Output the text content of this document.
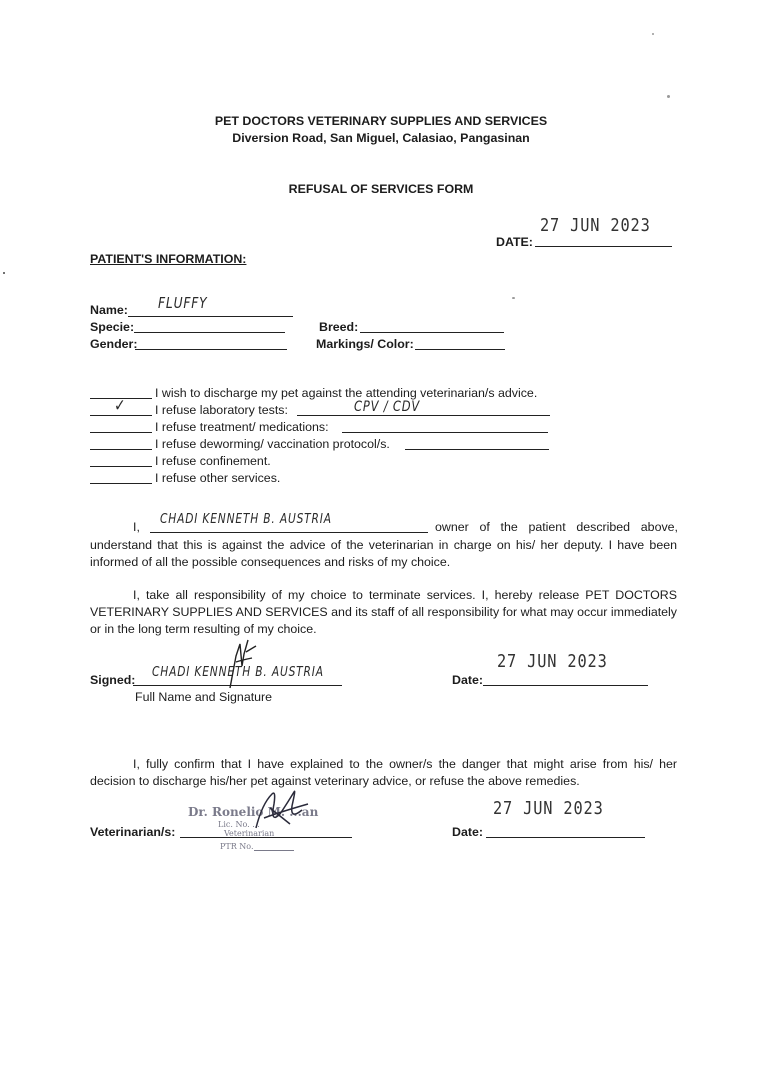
PET DOCTORS VETERINARY SUPPLIES AND SERVICES
Diversion Road, San Miguel, Calasiao, Pangasinan
REFUSAL OF SERVICES FORM
27 JUN 2023
DATE:
PATIENT'S INFORMATION:
Name: FLUFFY
Specie:
Gender:
Breed:
Markings/ Color:
I wish to discharge my pet against the attending veterinarian/s advice.
✓ I refuse laboratory tests:	CPV / CDV
I refuse treatment/ medications:
I refuse deworming/ vaccination protocol/s.
I refuse confinement.
I refuse other services.
I, CHADI KENNETH B. AUSTRIA	owner of the patient described above,
understand that this is against the advice of the veterinarian in charge on his/ her deputy. I have been informed of all the possible consequences and risks of my choice.
I, take all responsibility of my choice to terminate services. I, hereby release PET DOCTORS VETERINARY SUPPLIES AND SERVICES and its staff of all responsibility for what may occur immediately or in the long term resulting of my choice.
Signed: CHADI KENNETH B. AUSTRIA
Full Name and Signature
27 JUN 2023
Date:
I, fully confirm that I have explained to the owner/s the danger that might arise from his/ her decision to discharge his/her pet against veterinary advice, or refuse the above remedies.
Veterinarian/s:
Dr. Ronelio M. ...an
Lic. No. ...
Veterinarian
PTR No.
27 JUN 2023
Date:
